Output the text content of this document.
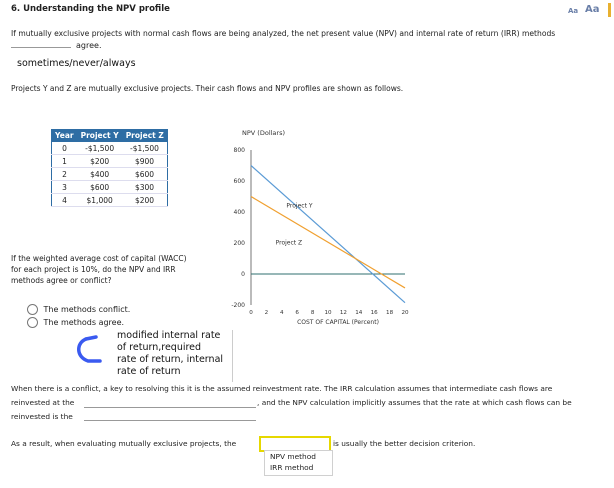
6. Understanding the NPV profile	Aa Aa
If mutually exclusive projects with normal cash flows are being analyzed, the net present value (NPV) and internal rate of return (IRR) methods
agree.
sometimes/never/always
Projects Y and Z are mutually exclusive projects. Their cash flows and NPV profiles are shown as follows.
Year	Project Y	Project Z
0	-$1,500	-$1,500
1	$200	$900
2	$400	$600
3	$600	$300
4	$1,000	$200
NPV (Dollars)
800
600
400
200
0
-200
0 2 4 6 8 10 12 14 16 18 20
COST OF CAPITAL (Percent)
Project Y
Project Z
If the weighted average cost of capital (WACC)
for each project is 10%, do the NPV and IRR
methods agree or conflict?
The methods conflict.
The methods agree.
modified internal rate
of return,required
rate of return, internal
rate of return
When there is a conflict, a key to resolving this it is the assumed reinvestment rate. The IRR calculation assumes that intermediate cash flows are
reinvested at the	, and the NPV calculation implicitly assumes that the rate at which cash flows can be
reinvested is the
As a result, when evaluating mutually exclusive projects, the	is usually the better decision criterion.
NPV method
IRR method
